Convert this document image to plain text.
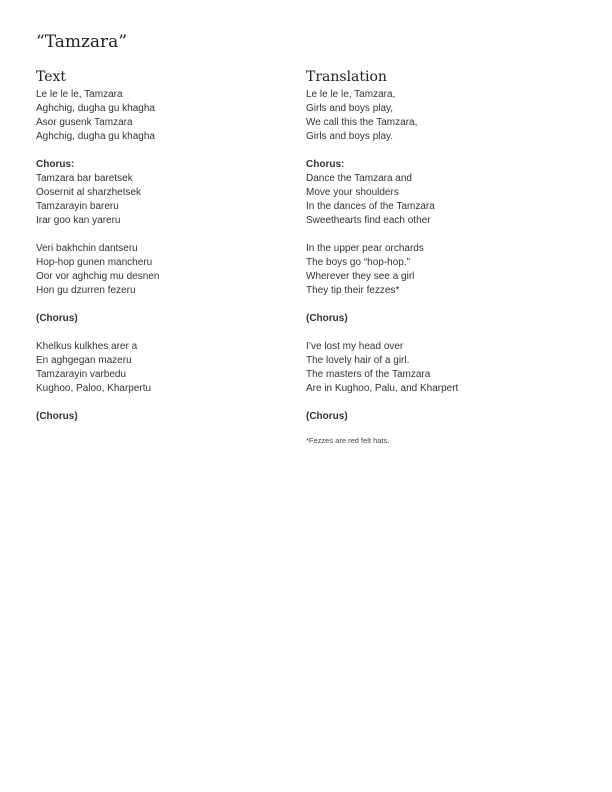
“Tamzara”
Text
Le le le le, Tamzara
Aghchig, dugha gu khagha
Asor gusenk Tamzara
Aghchig, dugha gu khagha
Chorus:
Tamzara bar baretsek
Oosernit al sharzhetsek
Tamzarayin bareru
Irar goo kan yareru
Veri bakhchin dantseru
Hop-hop gunen mancheru
Oor vor aghchig mu desnen
Hon gu dzurren fezeru
(Chorus)
Khelkus kulkhes arer a
En aghgegan mazeru
Tamzarayin varbedu
Kughoo, Paloo, Kharpertu
(Chorus)
Translation
Le le le le, Tamzara,
Girls and boys play,
We call this the Tamzara,
Girls and boys play.
Chorus:
Dance the Tamzara and
Move your shoulders
In the dances of the Tamzara
Sweethearts find each other
In the upper pear orchards
The boys go “hop-hop.”
Wherever they see a girl
They tip their fezzes*
(Chorus)
I’ve lost my head over
The lovely hair of a girl.
The masters of the Tamzara
Are in Kughoo, Palu, and Kharpert
(Chorus)
*Fezzes are red felt hats.
